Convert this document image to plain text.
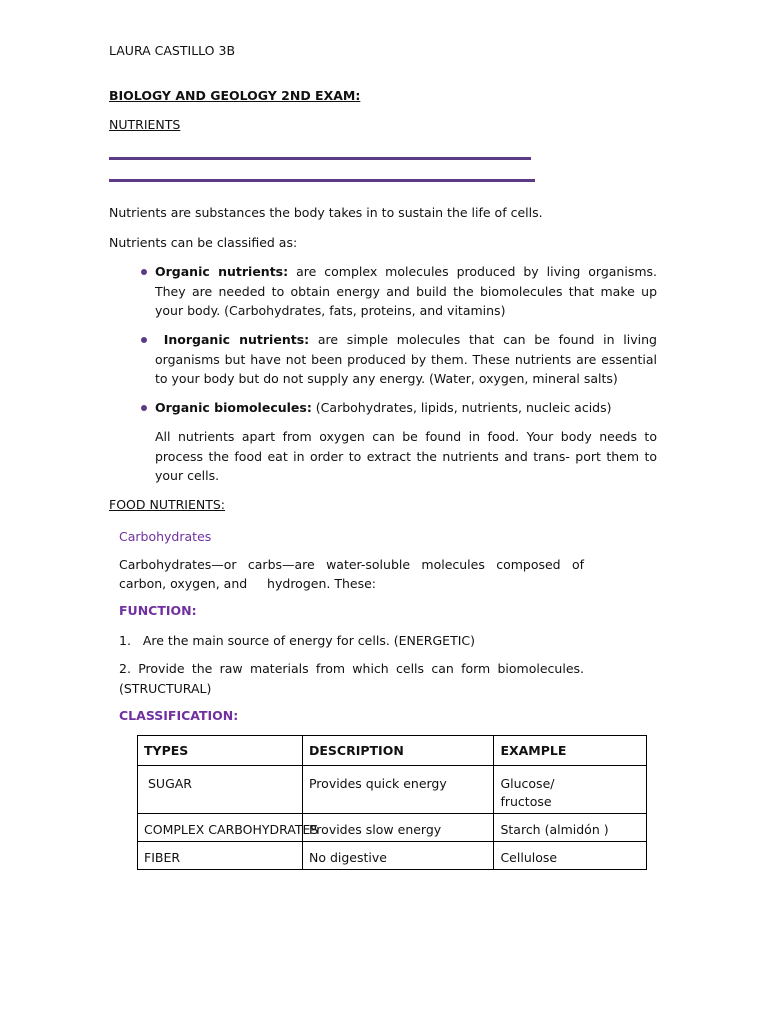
LAURA CASTILLO 3B
BIOLOGY AND GEOLOGY 2ND EXAM:
NUTRIENTS
Nutrients are substances the body takes in to sustain the life of cells.
Nutrients can be classified as:
Organic nutrients: are complex molecules produced by living organisms. They are needed to obtain energy and build the biomolecules that make up your body. (Carbohydrates, fats, proteins, and vitamins)
Inorganic nutrients: are simple molecules that can be found in living organisms but have not been produced by them. These nutrients are essential to your body but do not supply any energy. (Water, oxygen, mineral salts)
Organic biomolecules: (Carbohydrates, lipids, nutrients, nucleic acids)
All nutrients apart from oxygen can be found in food. Your body needs to process the food eat in order to extract the nutrients and trans- port them to your cells.
FOOD NUTRIENTS:
Carbohydrates
Carbohydrates—or carbs—are water-soluble molecules composed of
carbon, oxygen, and     hydrogen. These:
FUNCTION:
1.   Are the main source of energy for cells. (ENERGETIC)
2. Provide the raw materials from which cells can form biomolecules. (STRUCTURAL)
CLASSIFICATION:
TYPES	DESCRIPTION	EXAMPLE
SUGAR	Provides quick energy	Glucose/
fructose
COMPLEX CARBOHYDRATES	Provides slow energy	Starch (almidón )
FIBER	No digestive	Cellulose
